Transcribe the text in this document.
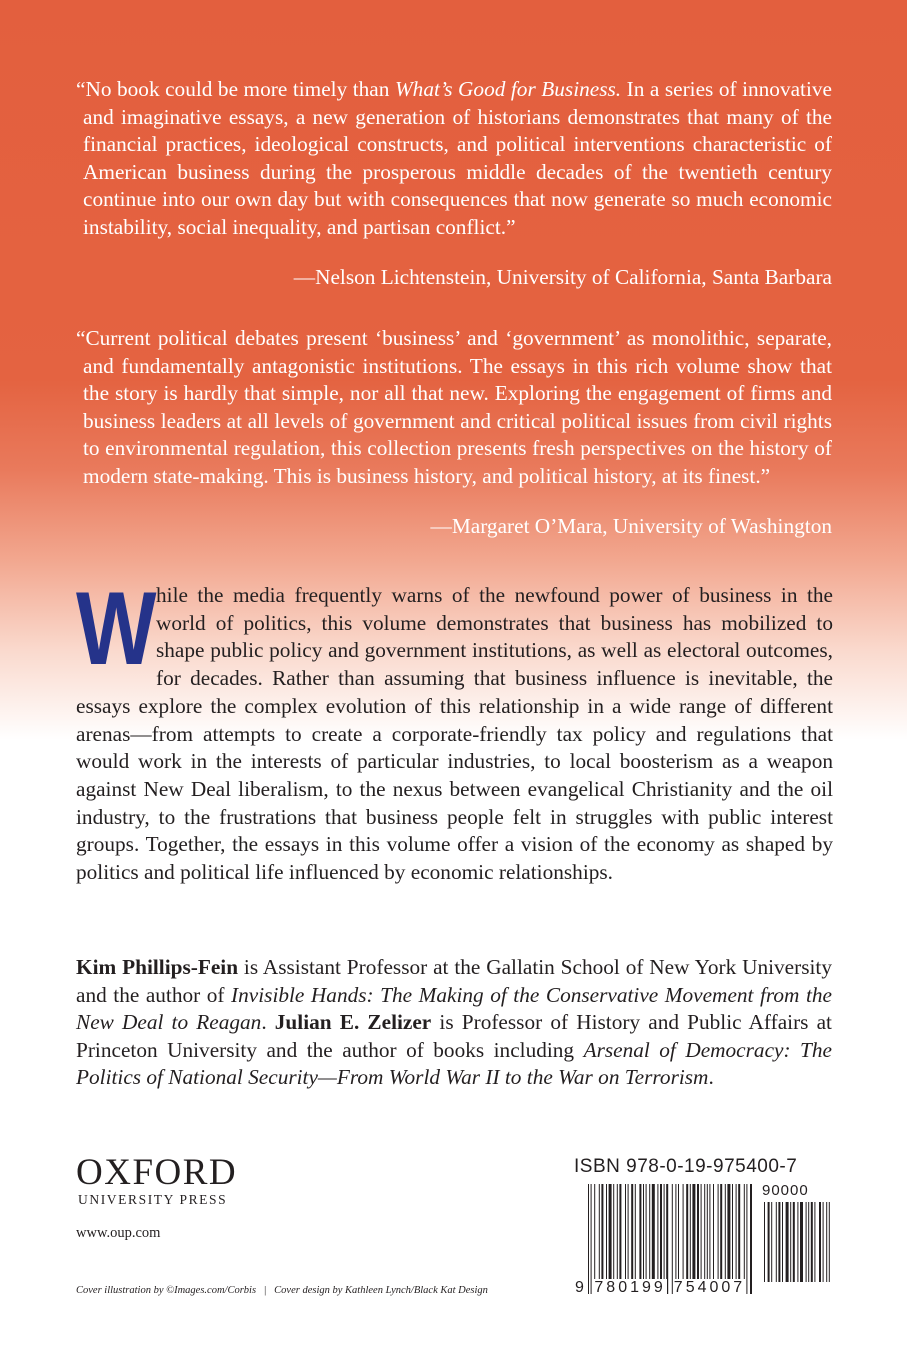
“No book could be more timely than What’s Good for Business. In a series of innovative and imaginative essays, a new generation of historians demonstrates that many of the financial practices, ideological constructs, and political interventions characteristic of American business during the prosperous middle decades of the twentieth century continue into our own day but with consequences that now generate so much economic instability, social inequality, and partisan conflict.”
—Nelson Lichtenstein, University of California, Santa Barbara
“Current political debates present ‘business’ and ‘government’ as monolithic, separate, and fundamentally antagonistic institutions. The essays in this rich volume show that the story is hardly that simple, nor all that new. Exploring the engagement of firms and business leaders at all levels of government and critical political issues from civil rights to environmental regulation, this collection presents fresh perspectives on the history of modern state-making. This is business history, and political history, at its finest.”
—Margaret O’Mara, University of Washington
While the media frequently warns of the newfound power of business in the world of politics, this volume demonstrates that business has mobilized to shape public policy and government institutions, as well as electoral outcomes, for decades. Rather than assuming that business influence is inevitable, the essays explore the complex evolution of this relationship in a wide range of different arenas—from attempts to create a corporate-friendly tax policy and regulations that would work in the interests of particular industries, to local boosterism as a weapon against New Deal liberalism, to the nexus between evangelical Christianity and the oil industry, to the frustrations that business people felt in struggles with public interest groups. Together, the essays in this volume offer a vision of the economy as shaped by politics and political life influenced by economic relationships.
Kim Phillips-Fein is Assistant Professor at the Gallatin School of New York University and the author of Invisible Hands: The Making of the Conservative Movement from the New Deal to Reagan. Julian E. Zelizer is Professor of History and Public Affairs at Princeton University and the author of books including Arsenal of Democracy: The Politics of National Security—From World War II to the War on Terrorism.
OXFORD
UNIVERSITY PRESS
www.oup.com
Cover illustration by ©Images.com/Corbis | Cover design by Kathleen Lynch/Black Kat Design
ISBN 978-0-19-975400-7
90000
9 780199 754007
